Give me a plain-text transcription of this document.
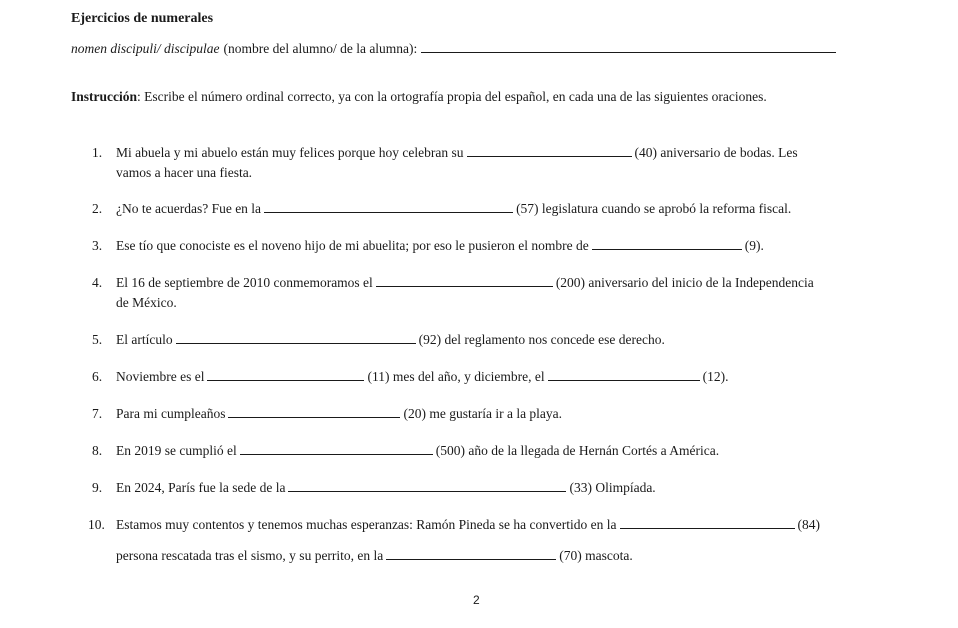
Ejercicios de numerales
nomen discipuli/ discipulae (nombre del alumno/ de la alumna):
Instrucción: Escribe el número ordinal correcto, ya con la ortografía propia del español, en cada una de las siguientes oraciones.
1. Mi abuela y mi abuelo están muy felices porque hoy celebran su	(40) aniversario de bodas. Les
vamos a hacer una fiesta.
2. ¿No te acuerdas? Fue en la	(57) legislatura cuando se aprobó la reforma fiscal.
3. Ese tío que conociste es el noveno hijo de mi abuelita; por eso le pusieron el nombre de	(9).
4. El 16 de septiembre de 2010 conmemoramos el	(200) aniversario del inicio de la Independencia
de México.
5. El artículo	(92) del reglamento nos concede ese derecho.
6. Noviembre es el	(11) mes del año, y diciembre, el	(12).
7. Para mi cumpleaños	(20) me gustaría ir a la playa.
8. En 2019 se cumplió el	(500) año de la llegada de Hernán Cortés a América.
9. En 2024, París fue la sede de la	(33) Olimpíada.
10. Estamos muy contentos y tenemos muchas esperanzas: Ramón Pineda se ha convertido en la	(84)
persona rescatada tras el sismo, y su perrito, en la	(70) mascota.
2
